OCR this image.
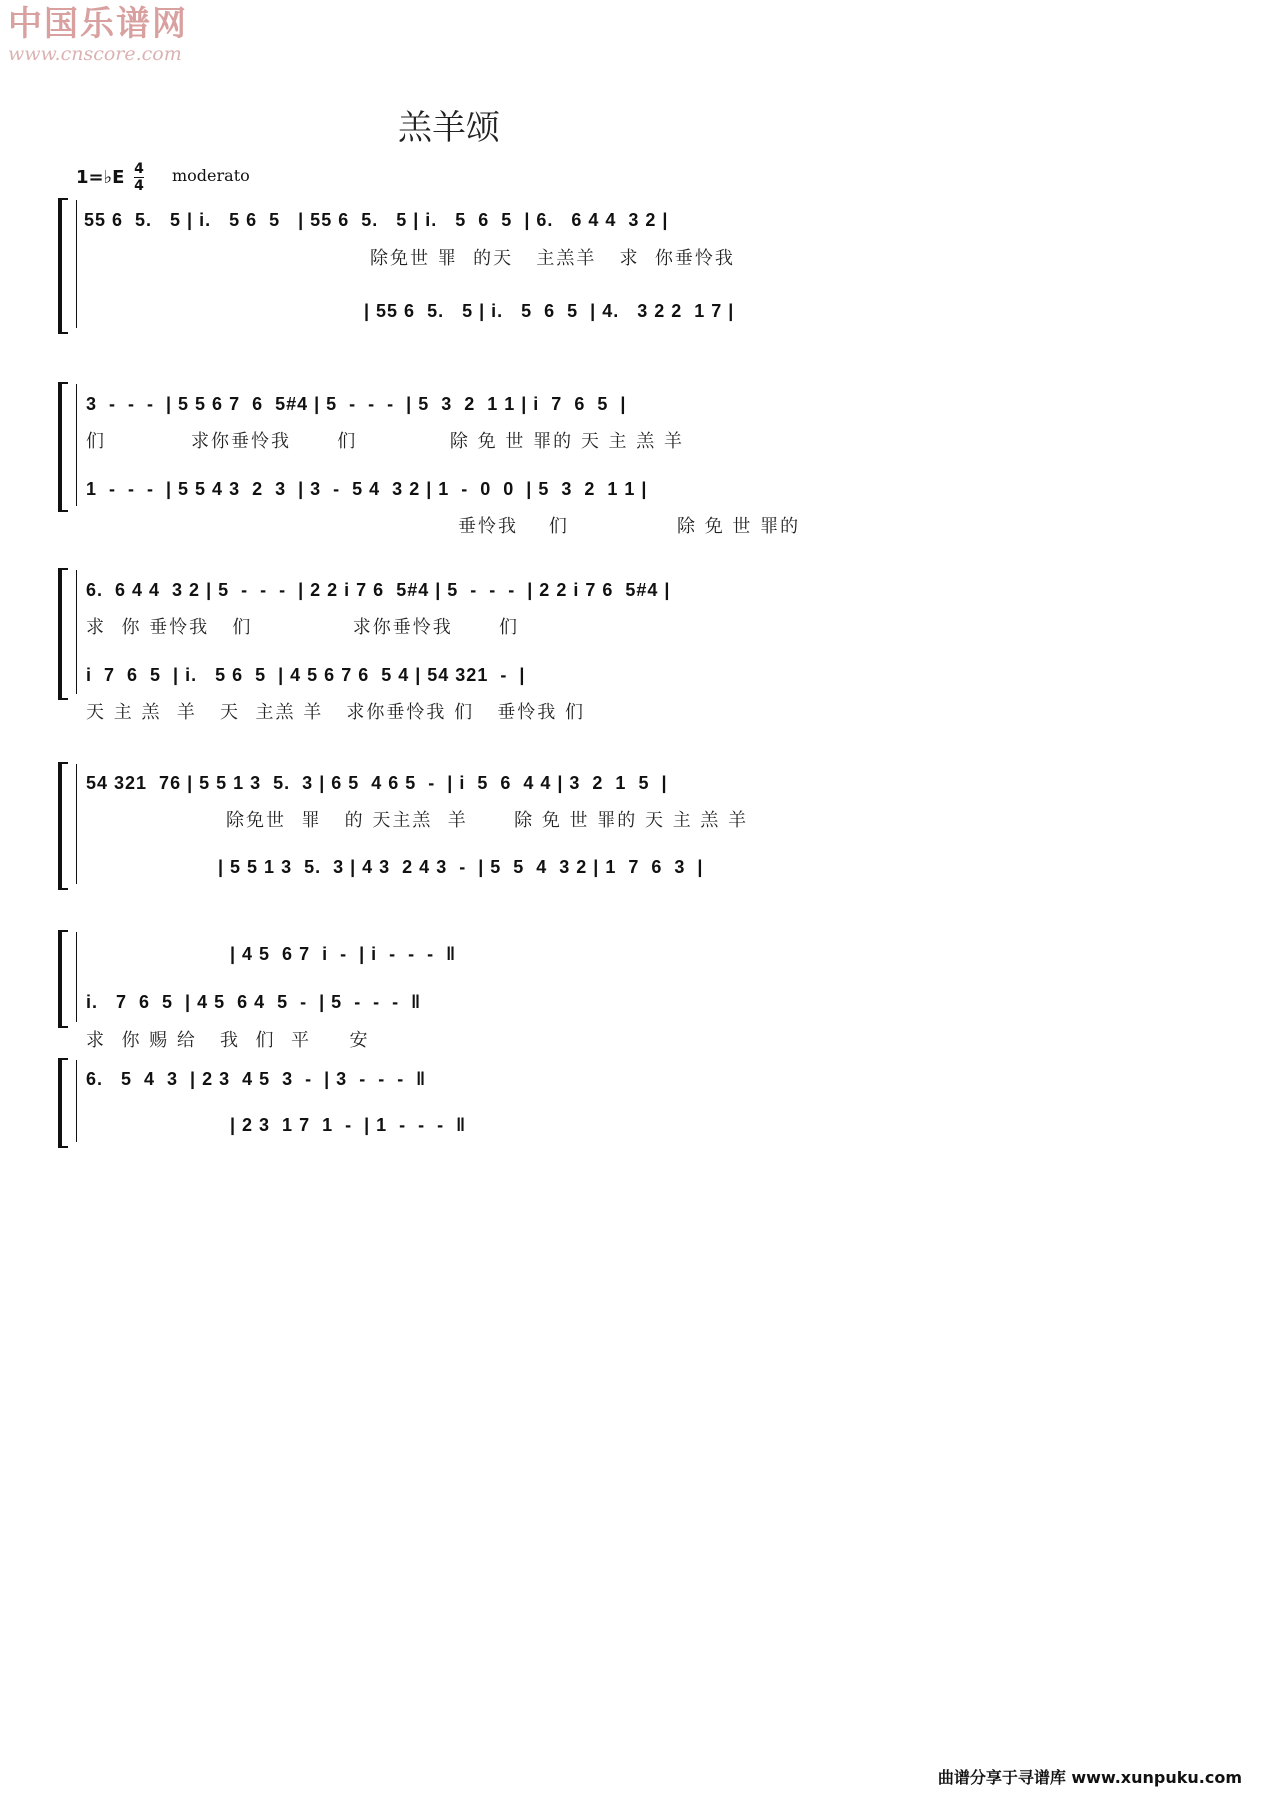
中国乐谱网
www.cnscore.com
羔羊颂
1=♭E 4
4
moderato
55 6  5.   5 | i.   5 6  5   | 55 6  5.   5 | i.   5  6  5  | 6.   6 4 4  3 2 |
除免世 罪  的天   主羔羊   求  你垂怜我
| 55 6  5.   5 | i.   5  6  5  | 4.   3 2 2  1 7 |
3  -  -  -  | 5 5 6 7  6  5#4 | 5  -  -  -  | 5  3  2  1 1 | i  7  6  5  |
们           求你垂怜我      们            除 免 世 罪的 天 主 羔 羊
1  -  -  -  | 5 5 4 3  2  3  | 3  -  5 4  3 2 | 1  -  0  0  | 5  3  2  1 1 |
垂怜我    们              除 免 世 罪的
6.  6 4 4  3 2 | 5  -  -  -  | 2 2 i 7 6  5#4 | 5  -  -  -  | 2 2 i 7 6  5#4 |
求  你 垂怜我   们             求你垂怜我      们
i  7  6  5  | i.   5 6  5  | 4 5 6 7 6  5 4 | 54 321  -  |
天 主 羔  羊   天  主羔 羊   求你垂怜我 们   垂怜我 们
54 321  76 | 5 5 1 3  5.  3 | 6 5  4 6 5  -  | i  5  6  4 4 | 3  2  1  5  |
除免世  罪   的 天主羔  羊      除 免 世 罪的 天 主 羔 羊
| 5 5 1 3  5.  3 | 4 3  2 4 3  -  | 5  5  4  3 2 | 1  7  6  3  |
| 4 5  6 7  i  -  | i  -  -  -  ‖
i.   7  6  5  | 4 5  6 4  5  -  | 5  -  -  -  ‖
求  你 赐 给   我  们  平     安
6.   5  4  3  | 2 3  4 5  3  -  | 3  -  -  -  ‖
| 2 3  1 7  1  -  | 1  -  -  -  ‖
曲谱分享于寻谱库 www.xunpuku.com
